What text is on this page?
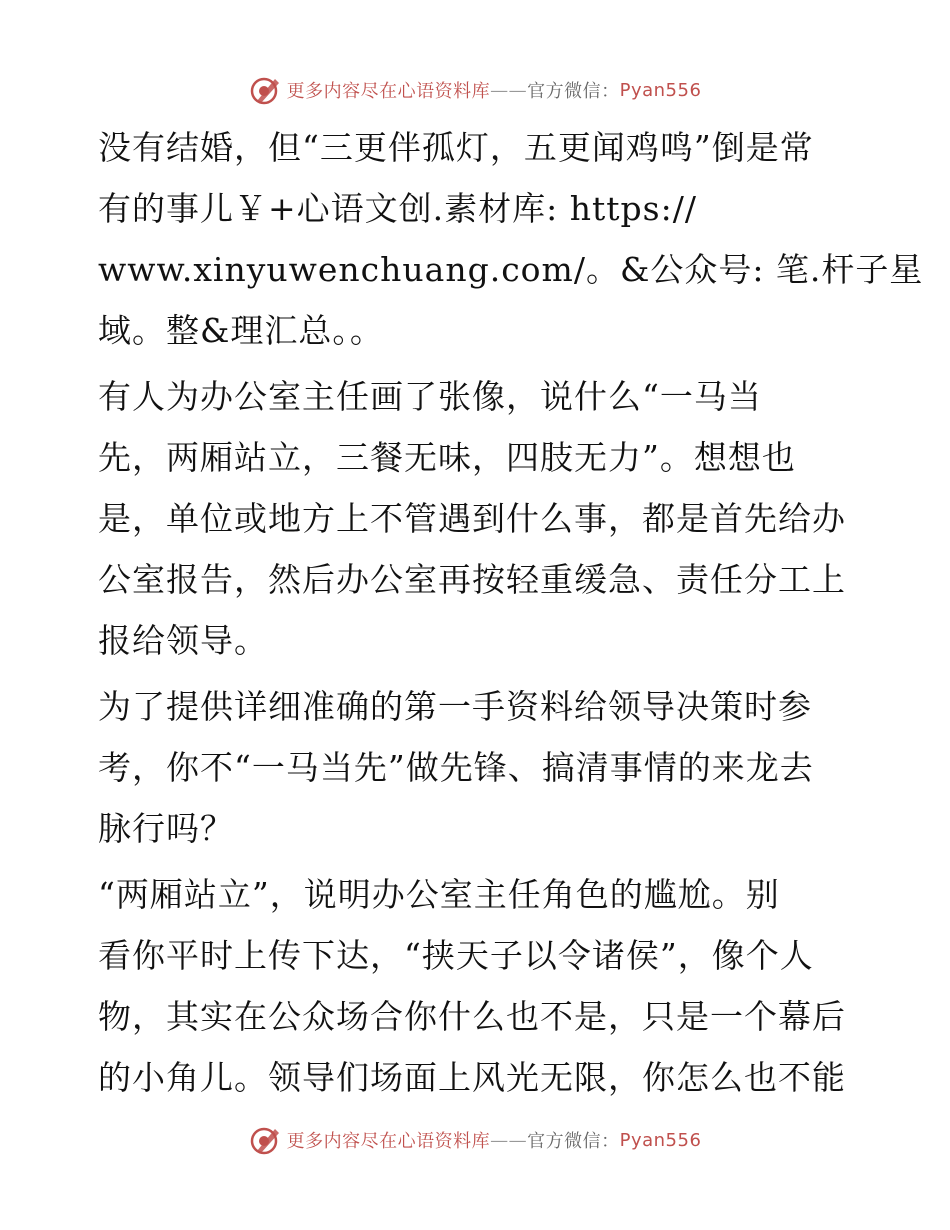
更多内容尽在心语资料库 —— 官方微信： Pyan556
没有结婚，但“三更伴孤灯，五更闻鸡鸣”倒是常
有的事儿￥+心语文创.素材库: https://
www.xinyuwenchuang.com/。&公众号: 笔.杆子星
域。整&理汇总。。
有人为办公室主任画了张像，说什么“一马当
先，两厢站立，三餐无味，四肢无力”。想想也
是，单位或地方上不管遇到什么事，都是首先给办
公室报告，然后办公室再按轻重缓急、责任分工上
报给领导。
为了提供详细准确的第一手资料给领导决策时参
考，你不“一马当先”做先锋、搞清事情的来龙去
脉行吗？
“两厢站立”，说明办公室主任角色的尴尬。别
看你平时上传下达，“挟天子以令诸侯”，像个人
物，其实在公众场合你什么也不是，只是一个幕后
的小角儿。领导们场面上风光无限，你怎么也不能
更多内容尽在心语资料库 —— 官方微信： Pyan556
